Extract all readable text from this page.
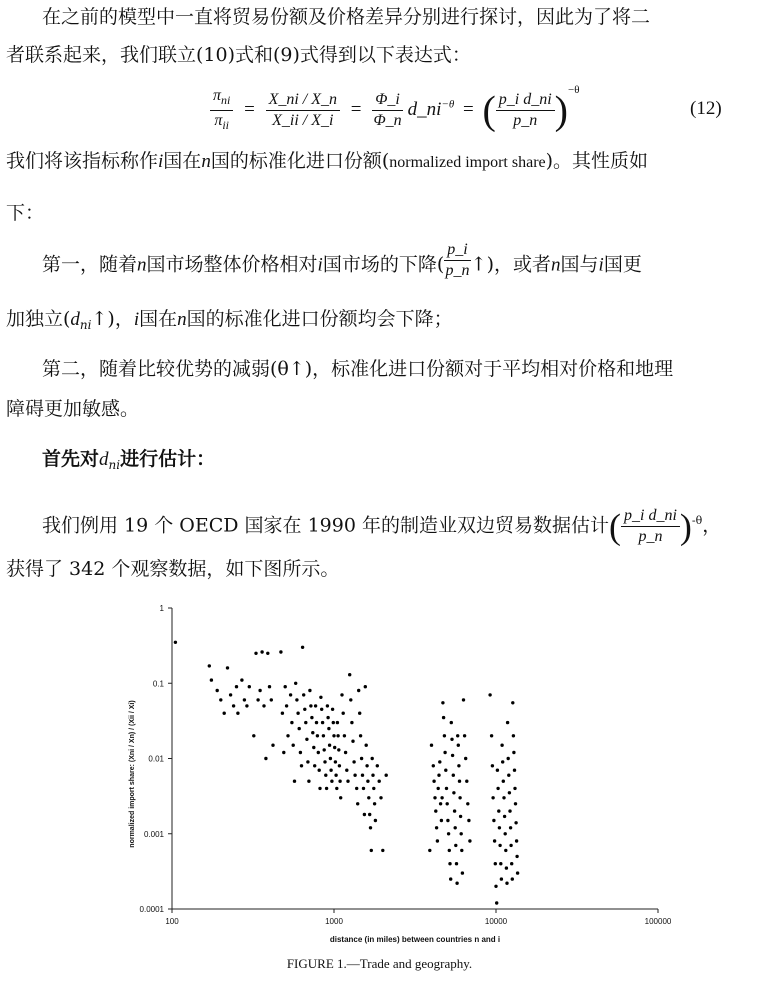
在之前的模型中一直将贸易份额及价格差异分别进行探讨，因此为了将二
者联系起来，我们联立(10)式和(9)式得到以下表达式：
$\frac{\pi_{ni}}{\pi_{ii}} = \frac{X\_ni / X\_n}{X\_ii / X\_i} = \frac{\Phi\_i}{\Phi\_n}$ $d\_ni^{-\theta}$ = ( $\frac{\text{p\_i d\_ni}}{p\_n} )^{-\theta}$
(12)
我们将该指标称作i国在n国的标准化进口份额(normalized import share)。其性质如
下：
第一，随着n国市场整体价格相对i国市场的下降( $\frac{p\_i}{p\_n}$ ↑)，或者n国与i国更
加独立$(d_{ni}↑)$，i国在n国的标准化进口份额均会下降；
第二，随着比较优势的减弱(θ↑)，标准化进口份额对于平均相对价格和地理
障碍更加敏感。
首先对$d_{ni}$进行估计：
我们例用 19 个 OECD 国家在 1990 年的制造业双边贸易数据估计( $\frac{\text{p\_i d\_ni}}{p\_n} )^{-\theta}$，
获得了 342 个观察数据，如下图所示。
100	1000	10000	100000
1
0.1
0.01
0.001
0.0001
distance (in miles) between countries n and i
normalized import share: (Xni / Xn) / (Xii / Xi)
FIGURE 1.—Trade and geography.
